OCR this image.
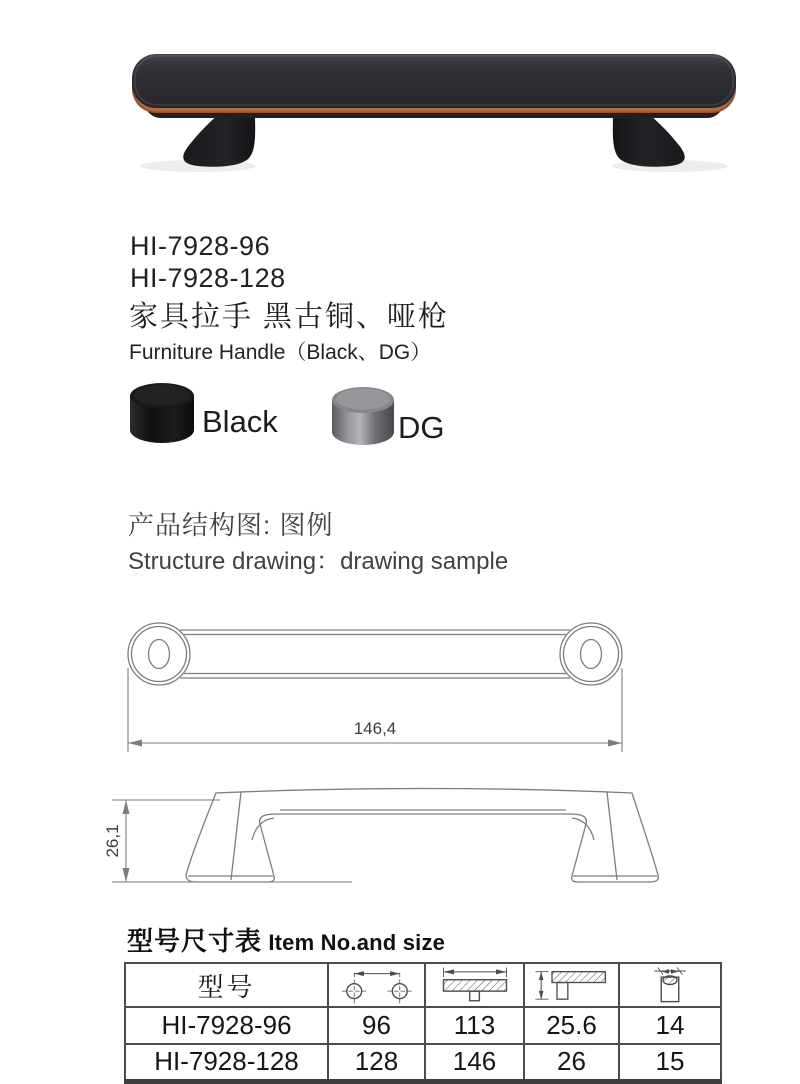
HI-7928-96
HI-7928-128
家具拉手 黑古铜、哑枪
Furniture Handle（Black、DG）
Black	DG
产品结构图: 图例
Structure drawing：drawing sample
146,4
26,1
型号尺寸表 Item No.and size
型号	

HI-7928-96	96	113	25.6	14
HI-7928-128	128	146	26	15
